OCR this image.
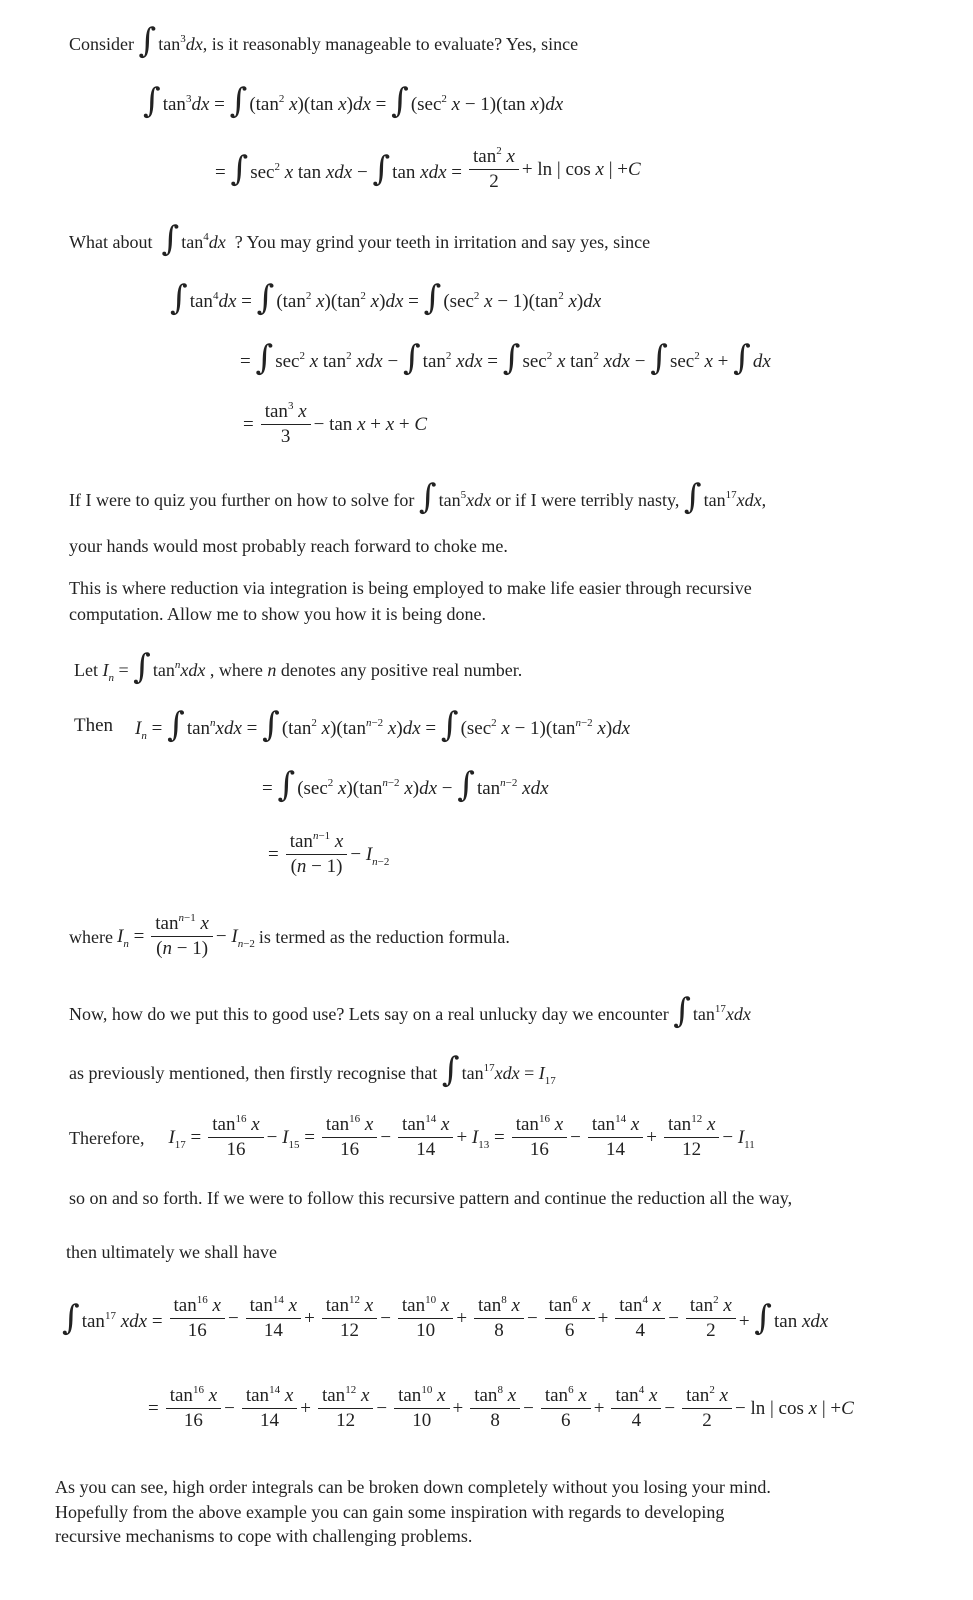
Consider ∫ $\tan^3dx$, is it reasonably manageable to evaluate? Yes, since
∫ $\tan^3dx$ = ∫ ($\tan^2$ x)(tan x)dx = ∫ ($\sec^2$ x − 1)(tan x)dx
= ∫ $\sec^2 x$ tan xdx − ∫ tan xdx = $\frac{\tan^2 x}{2} + \ln$ | cos x | +C
What about ∫ $\tan^4dx$ ? You may grind your teeth in irritation and say yes, since
∫ $\tan^4dx$ = ∫ ($\tan^2$ $x)(\tan^2$ x)dx = ∫ ($\sec^2$ $x - 1)(\tan^2$ x)dx
= ∫ $\sec^2 x$ $\tan^2$ xdx − ∫ $\tan^2$ xdx = ∫ $\sec^2 x$ $\tan^2$ xdx − ∫ $\sec^2 x$ + ∫ dx
= $\frac{\tan^3 x}{3} - \tan x + x + C$
If I were to quiz you further on how to solve for ∫ $\tan^5xdx$ or if I were terribly nasty, ∫ $\tan^{17}xdx$,
your hands would most probably reach forward to choke me.
This is where reduction via integration is being employed to make life easier through recursive
computation. Allow me to show you how it is being done.
Let $I_n$ = ∫ $\tan^nxdx$ , where n denotes any positive real number.
Then $I_n$ = ∫ $\tan^nxdx$ = ∫ ($\tan^2$ $x)(\tan^{n-2}$ x)dx = ∫ ($\sec^2$ $x - 1)(\tan^{n-2}$ x)dx
= ∫ ($\sec^2$ $x)(\tan^{n-2}$ x)dx − ∫ $\tan^{n-2}$ xdx
= $\frac{\tan^{n-1} x}{(n - 1)} - I_{n-2}$
where $I_n = \frac{\tan^{n-1} x}{(n - 1)} - I_{n-2}$ is termed as the reduction formula.
Now, how do we put this to good use? Lets say on a real unlucky day we encounter ∫ $\tan^{17}xdx$
as previously mentioned, then firstly recognise that ∫ $\tan^{17}xdx = I_{17}$
Therefore, $I_{17} = \frac{\tan^{16} x}{16} - I_{15} = \frac{\tan^{16} x}{16} - \frac{\tan^{14} x}{14} + I_{13} = \frac{\tan^{16} x}{16} - \frac{\tan^{14} x}{14} + \frac{\tan^{12} x}{12} - I_{11}$
so on and so forth. If we were to follow this recursive pattern and continue the reduction all the way,
then ultimately we shall have
∫ $\tan^{17}$ xdx = $\frac{\tan^{16} x}{16} - \frac{\tan^{14} x}{14} + \frac{\tan^{12} x}{12} - \frac{\tan^{10} x}{10} + \frac{\tan^8 x}{8} - \frac{\tan^6 x}{6} + \frac{\tan^4 x}{4} - \frac{\tan^2 x}{2}$ + ∫ tan xdx
= $\frac{\tan^{16} x}{16} - \frac{\tan^{14} x}{14} + \frac{\tan^{12} x}{12} - \frac{\tan^{10} x}{10} + \frac{\tan^8 x}{8} - \frac{\tan^6 x}{6} + \frac{\tan^4 x}{4} - \frac{\tan^2 x}{2} - \ln$ | cos x | +C
As you can see, high order integrals can be broken down completely without you losing your mind.
Hopefully from the above example you can gain some inspiration with regards to developing
recursive mechanisms to cope with challenging problems.
